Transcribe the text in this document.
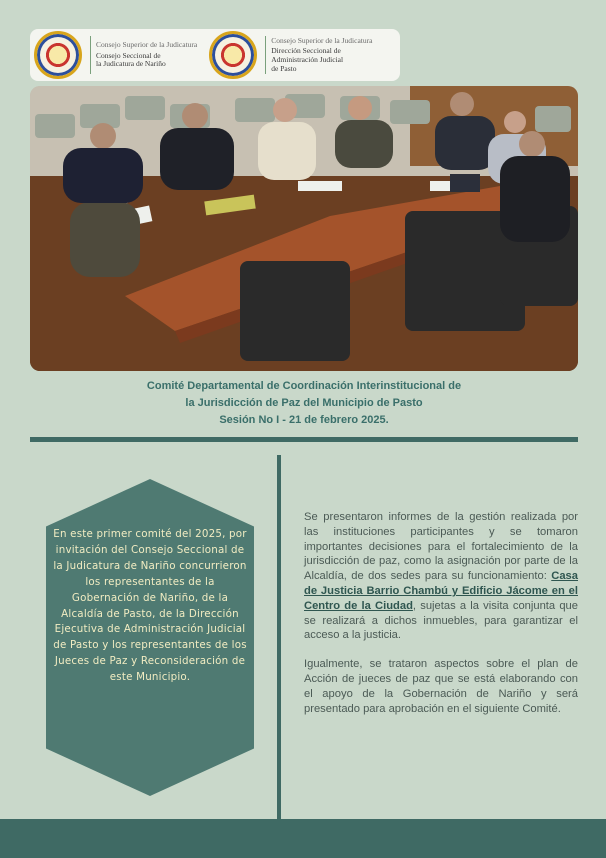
Consejo Superior de la Judicatura
Consejo Seccional de
la Judicatura de Nariño
Consejo Superior de la Judicatura
Dirección Seccional de
Administración Judicial
de Pasto
Comité Departamental de Coordinación Interinstitucional de
la Jurisdicción de Paz del Municipio de Pasto
Sesión No I - 21 de febrero 2025.
En este primer comité del 2025, por invitación del Consejo Seccional de la Judicatura de Nariño concurrieron los representantes de la Gobernación de Nariño, de la Alcaldía de Pasto, de la Dirección Ejecutiva de Administración Judicial de Pasto y los representantes de los Jueces de Paz y Reconsideración de este Municipio.

Se presentaron informes de la gestión realizada por las instituciones participantes y se tomaron importantes decisiones para el fortalecimiento de la jurisdicción de paz, como la asignación por parte de la Alcaldía, de dos sedes para su funcionamiento: Casa de Justicia Barrio Chambú y Edificio Jácome en el Centro de la Ciudad, sujetas a la visita conjunta que se realizará a dichos inmuebles, para garantizar el acceso a la justicia.

Igualmente, se trataron aspectos sobre el plan de Acción de jueces de paz que se está elaborando con el apoyo de la Gobernación de Nariño y será presentado para aprobación en el siguiente Comité.
